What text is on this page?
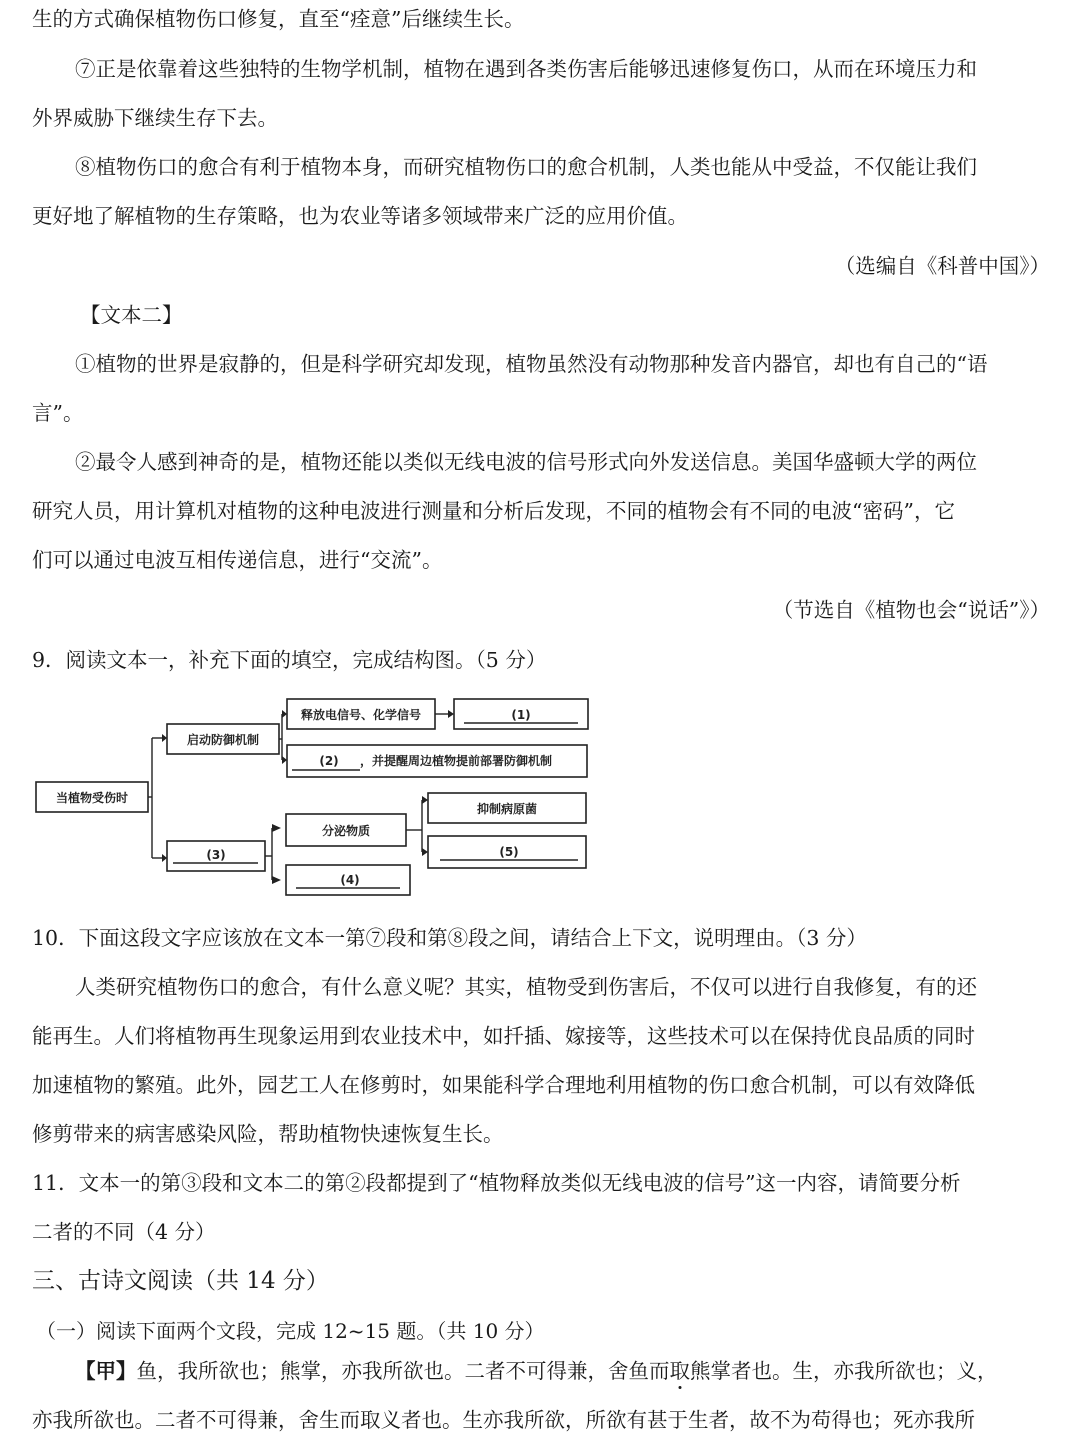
生的方式确保植物伤口修复，直至“痊意”后继续生长。
⑦正是依靠着这些独特的生物学机制，植物在遇到各类伤害后能够迅速修复伤口，从而在环境压力和
外界威胁下继续生存下去。
⑧植物伤口的愈合有利于植物本身，而研究植物伤口的愈合机制，人类也能从中受益，不仅能让我们
更好地了解植物的生存策略，也为农业等诸多领域带来广泛的应用价值。
（选编自《科普中国》）
【文本二】
①植物的世界是寂静的，但是科学研究却发现，植物虽然没有动物那种发音内器官，却也有自己的“语
言”。
②最令人感到神奇的是，植物还能以类似无线电波的信号形式向外发送信息。美国华盛顿大学的两位
研究人员，用计算机对植物的这种电波进行测量和分析后发现，不同的植物会有不同的电波“密码”，它
们可以通过电波互相传递信息，进行“交流”。
（节选自《植物也会“说话”》）
9．阅读文本一，补充下面的填空，完成结构图。（5 分）
当植物受伤时
启动防御机制
释放电信号、化学信号	(1)
(2) ，并提醒周边植物提前部署防御机制
(3)
分泌物质
抑制病原菌
(5)
(4)
10．下面这段文字应该放在文本一第⑦段和第⑧段之间，请结合上下文，说明理由。（3 分）
人类研究植物伤口的愈合，有什么意义呢？其实，植物受到伤害后，不仅可以进行自我修复，有的还
能再生。人们将植物再生现象运用到农业技术中，如扦插、嫁接等，这些技术可以在保持优良品质的同时
加速植物的繁殖。此外，园艺工人在修剪时，如果能科学合理地利用植物的伤口愈合机制，可以有效降低
修剪带来的病害感染风险，帮助植物快速恢复生长。
11．文本一的第③段和文本二的第②段都提到了“植物释放类似无线电波的信号”这一内容，请简要分析
二者的不同（4 分）
三、古诗文阅读（共 14 分）
（一）阅读下面两个文段，完成 12~15 题。（共 10 分）
【甲】鱼，我所欲也；熊掌，亦我所欲也。二者不可得兼，舍鱼而取熊掌者也。生，亦我所欲也；义，
亦我所欲也。二者不可得兼，舍生而取义者也。生亦我所欲，所欲有甚于生者，故不为苟得也；死亦我所
